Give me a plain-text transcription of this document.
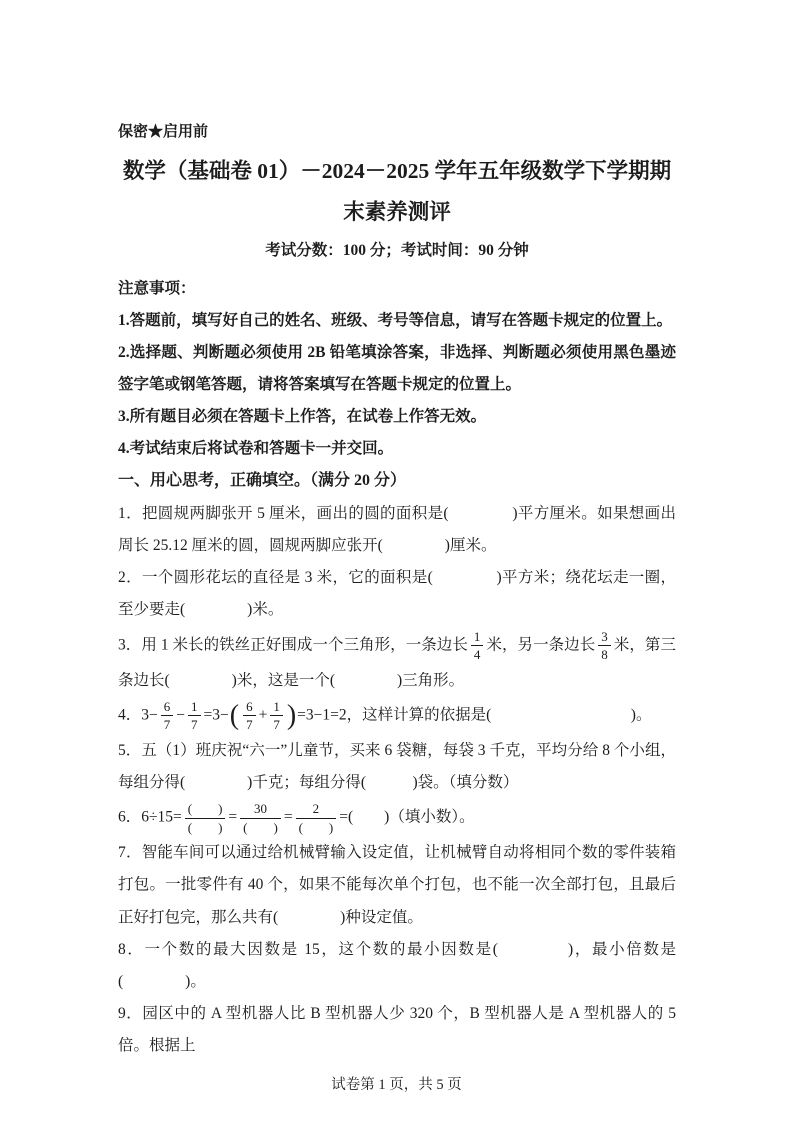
保密★启用前

数学（基础卷 01）－2024－2025 学年五年级数学下学期期
末素养测评
考试分数：100 分；考试时间：90 分钟

注意事项：

1.答题前，填写好自己的姓名、班级、考号等信息，请写在答题卡规定的位置上。

2.选择题、判断题必须使用 2B 铅笔填涂答案，非选择、判断题必须使用黑色墨迹签字笔或钢笔答题，请将答案填写在答题卡规定的位置上。

3.所有题目必须在答题卡上作答，在试卷上作答无效。

4.考试结束后将试卷和答题卡一并交回。

一、用心思考，正确填空。（满分 20 分）

1．把圆规两脚张开 5 厘米，画出的圆的面积是(　　　　)平方厘米。如果想画出周长 25.12 厘米的圆，圆规两脚应张开(　　　　)厘米。

2．一个圆形花坛的直径是 3 米，它的面积是(　　　　)平方米；绕花坛走一圈，至少要走(　　　　)米。

3．用 1 米长的铁丝正好围成一个三角形，一条边长 $\frac{1}{4}$ 米，另一条边长 $\frac{3}{8}$ 米，第三条边长(　　　　)米，这是一个(　　　　)三角形。

4．$3- \frac{6}{7} - \frac{1}{7} =3-( \frac{6}{7} + \frac{1}{7} )=3-1=2$，这样计算的依据是(　　　　　　　　　)。

5．五（1）班庆祝“六一”儿童节，买来 6 袋糖，每袋 3 千克，平均分给 8 个小组，每组分得(　　　　)千克；每组分得(　　　)袋。（填分数）

6．$6\div 15= \frac{( )}{( )} = \frac{30}{( )} = \frac{2}{( )}$ =(　　)（填小数）。

7．智能车间可以通过给机械臂输入设定值，让机械臂自动将相同个数的零件装箱打包。一批零件有 40 个，如果不能每次单个打包，也不能一次全部打包，且最后正好打包完，那么共有(　　　　)种设定值。

8．一个数的最大因数是 15，这个数的最小因数是(　　　　)，最小倍数是(　　　　)。

9．园区中的 A 型机器人比 B 型机器人少 320 个，B 型机器人是 A 型机器人的 5 倍。根据上

试卷第 1 页，共 5 页
